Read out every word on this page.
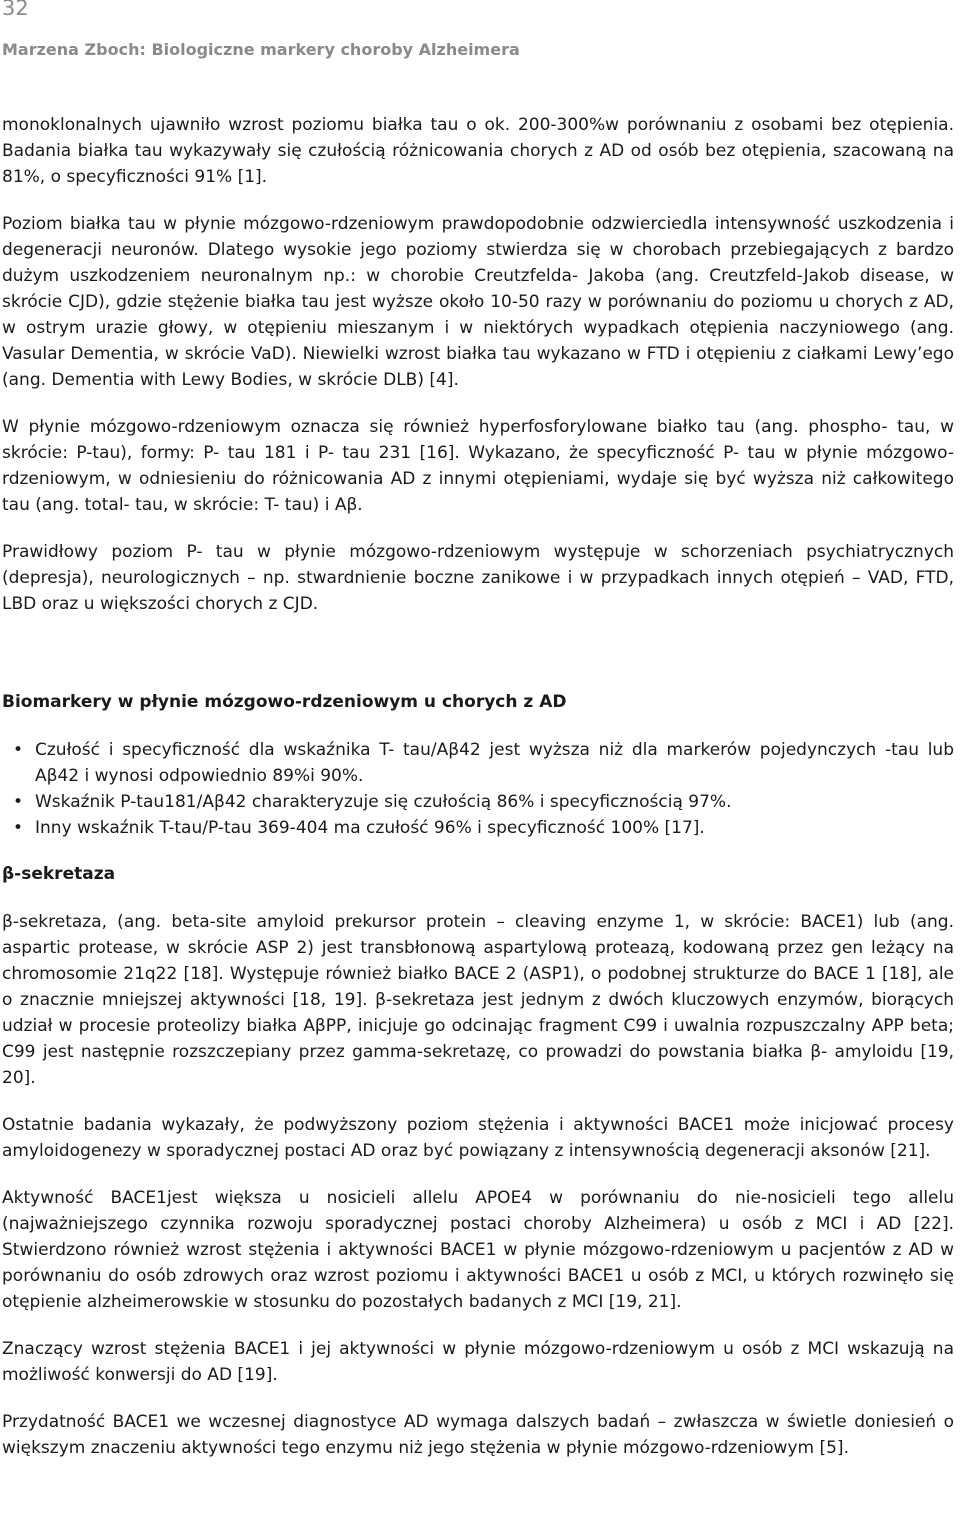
32
Marzena Zboch: Biologiczne markery choroby Alzheimera

monoklonalnych ujawniło wzrost poziomu białka tau o ok. 200-300%w porównaniu z osobami bez otępienia. Badania białka tau wykazywały się czułością różnicowania chorych z AD od osób bez otępienia, szacowaną na 81%, o specyficzności 91% [1].

Poziom białka tau w płynie mózgowo-rdzeniowym prawdopodobnie odzwierciedla intensywność uszkodzenia i degeneracji neuronów. Dlatego wysokie jego poziomy stwierdza się w chorobach przebiegających z bardzo dużym uszkodzeniem neuronalnym np.: w chorobie Creutzfelda- Jakoba (ang. Creutzfeld-Jakob disease, w skrócie CJD), gdzie stężenie białka tau jest wyższe około 10-50 razy w porównaniu do poziomu u chorych z AD, w ostrym urazie głowy, w otępieniu mieszanym i w niektórych wypadkach otępienia naczyniowego (ang. Vasular Dementia, w skrócie VaD). Niewielki wzrost białka tau wykazano w FTD i otępieniu z ciałkami Lewy’ego (ang. Dementia with Lewy Bodies, w skrócie DLB) [4].

W płynie mózgowo-rdzeniowym oznacza się również hyperfosforylowane białko tau (ang. phospho- tau, w skrócie: P-tau), formy: P- tau 181 i P- tau 231 [16]. Wykazano, że specyficzność P- tau w płynie mózgowo- rdzeniowym, w odniesieniu do różnicowania AD z innymi otępieniami, wydaje się być wyższa niż całkowitego tau (ang. total- tau, w skrócie: T- tau) i Aβ.

Prawidłowy poziom P- tau w płynie mózgowo-rdzeniowym występuje w schorzeniach psychiatrycznych (depresja), neurologicznych – np. stwardnienie boczne zanikowe i w przypadkach innych otępień – VAD, FTD, LBD oraz u większości chorych z CJD.

Biomarkery w płynie mózgowo-rdzeniowym u chorych z AD
• Czułość i specyficzność dla wskaźnika T- tau/Aβ42 jest wyższa niż dla markerów pojedynczych -tau lub Aβ42 i wynosi odpowiednio 89%i 90%.
• Wskaźnik P-tau181/Aβ42 charakteryzuje się czułością 86% i specyficznością 97%.
• Inny wskaźnik T-tau/P-tau 369-404 ma czułość 96% i specyficzność 100% [17].
β-sekretaza

β-sekretaza, (ang. beta-site amyloid prekursor protein – cleaving enzyme 1, w skrócie: BACE1) lub (ang. aspartic protease, w skrócie ASP 2) jest transbłonową aspartylową proteazą, kodowaną przez gen leżący na chromosomie 21q22 [18]. Występuje również białko BACE 2 (ASP1), o podobnej strukturze do BACE 1 [18], ale o znacznie mniejszej aktywności [18, 19]. β-sekretaza jest jednym z dwóch kluczowych enzymów, biorących udział w procesie proteolizy białka AβPP, inicjuje go odcinając fragment C99 i uwalnia rozpuszczalny APP beta; C99 jest następnie rozszczepiany przez gamma-sekretazę, co prowadzi do powstania białka β- amyloidu [19, 20].

Ostatnie badania wykazały, że podwyższony poziom stężenia i aktywności BACE1 może inicjować procesy amyloidogenezy w sporadycznej postaci AD oraz być powiązany z intensywnością degeneracji aksonów [21].

Aktywność BACE1jest większa u nosicieli allelu APOE4 w porównaniu do nie-nosicieli tego allelu (najważniejszego czynnika rozwoju sporadycznej postaci choroby Alzheimera) u osób z MCI i AD [22]. Stwierdzono również wzrost stężenia i aktywności BACE1 w płynie mózgowo-rdzeniowym u pacjentów z AD w porównaniu do osób zdrowych oraz wzrost poziomu i aktywności BACE1 u osób z MCI, u których rozwinęło się otępienie alzheimerowskie w stosunku do pozostałych badanych z MCI [19, 21].

Znaczący wzrost stężenia BACE1 i jej aktywności w płynie mózgowo-rdzeniowym u osób z MCI wskazują na możliwość konwersji do AD [19].

Przydatność BACE1 we wczesnej diagnostyce AD wymaga dalszych badań – zwłaszcza w świetle doniesień o większym znaczeniu aktywności tego enzymu niż jego stężenia w płynie mózgowo-rdzeniowym [5].
